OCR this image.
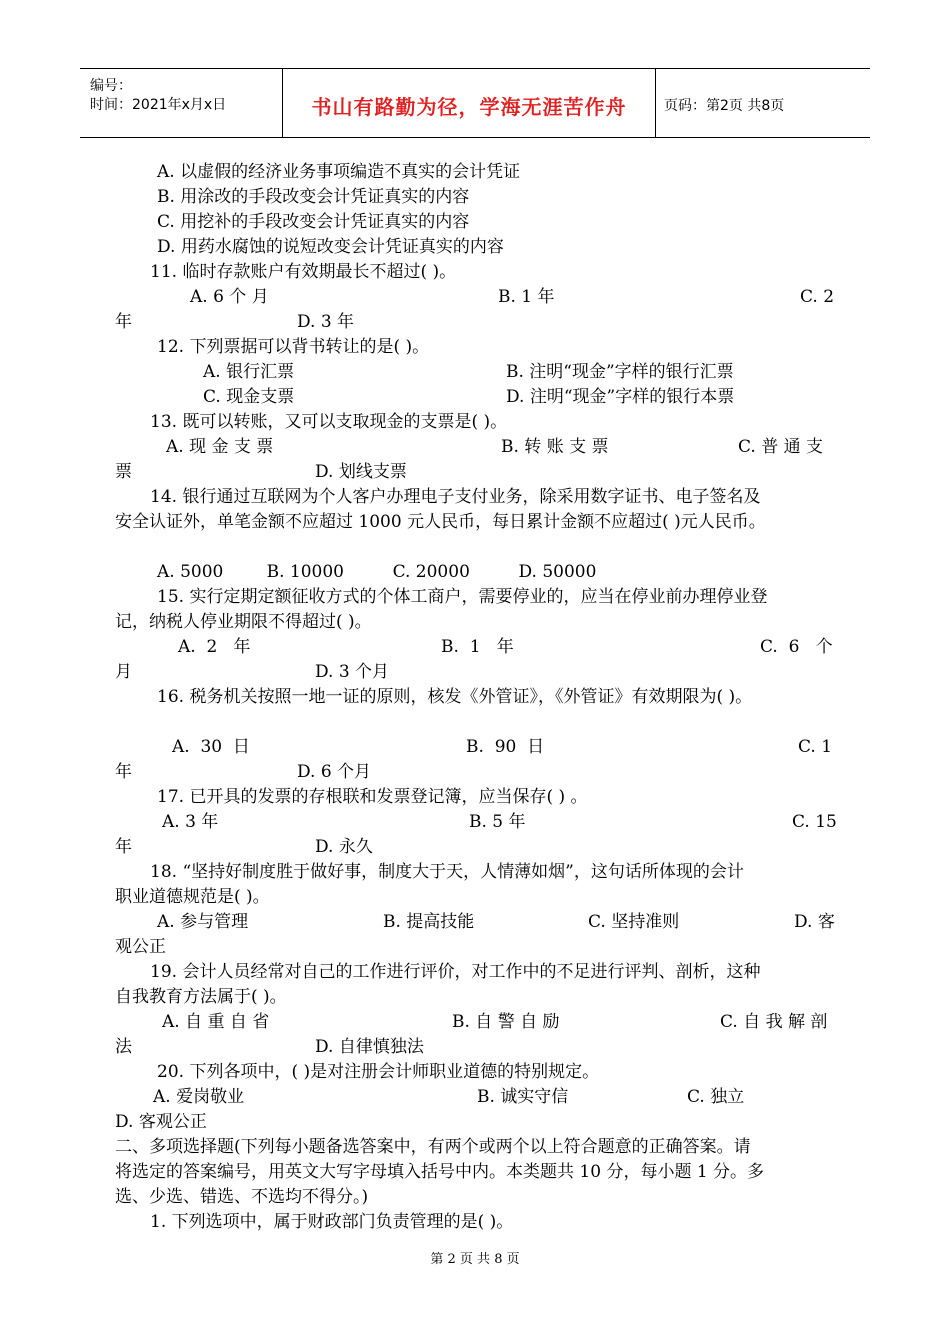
编号：
时间：2021年x月x日	书山有路勤为径，学海无涯苦作舟	页码：第2页 共8页
A. 以虚假的经济业务事项编造不真实的会计凭证
B. 用涂改的手段改变会计凭证真实的内容
C. 用挖补的手段改变会计凭证真实的内容
D. 用药水腐蚀的说短改变会计凭证真实的内容
11. 临时存款账户有效期最长不超过( )。
A. 6 个 月	B. 1 年	C. 2
年	D. 3 年
12. 下列票据可以背书转让的是( )。
A. 银行汇票	B. 注明“现金”字样的银行汇票
C. 现金支票	D. 注明“现金”字样的银行本票
13. 既可以转账，又可以支取现金的支票是( )。
A. 现 金 支 票	B. 转 账 支 票	C. 普 通 支
票	D. 划线支票
14. 银行通过互联网为个人客户办理电子支付业务，除采用数字证书、电子签名及
安全认证外，单笔金额不应超过 1000 元人民币，每日累计金额不应超过( )元人民币。
A. 5000        B. 10000         C. 20000         D. 50000
15. 实行定期定额征收方式的个体工商户，需要停业的，应当在停业前办理停业登
记，纳税人停业期限不得超过( )。
A.  2   年	B.  1   年	C.  6   个
月	D. 3 个月
16. 税务机关按照一地一证的原则，核发《外管证》，《外管证》有效期限为( )。
A.  30  日	B.  90  日	C. 1
年	D. 6 个月
17. 已开具的发票的存根联和发票登记簿，应当保存( ) 。
A. 3 年	B. 5 年	C. 15
年	D. 永久
18. “坚持好制度胜于做好事，制度大于天，人情薄如烟”，这句话所体现的会计
职业道德规范是( )。
A. 参与管理	B. 提高技能	C. 坚持准则	D. 客
观公正
19. 会计人员经常对自己的工作进行评价，对工作中的不足进行评判、剖析，这种
自我教育方法属于( )。
A. 自 重 自 省	B. 自 警 自 励	C. 自 我 解 剖
法	D. 自律慎独法
20. 下列各项中，( )是对注册会计师职业道德的特别规定。
A. 爱岗敬业	B. 诚实守信	C. 独立
D. 客观公正
二、多项选择题(下列每小题备选答案中，有两个或两个以上符合题意的正确答案。请
将选定的答案编号，用英文大写字母填入括号中内。本类题共 10 分，每小题 1 分。多
选、少选、错选、不选均不得分。)
1. 下列选项中，属于财政部门负责管理的是( )。
第 2 页 共 8 页
